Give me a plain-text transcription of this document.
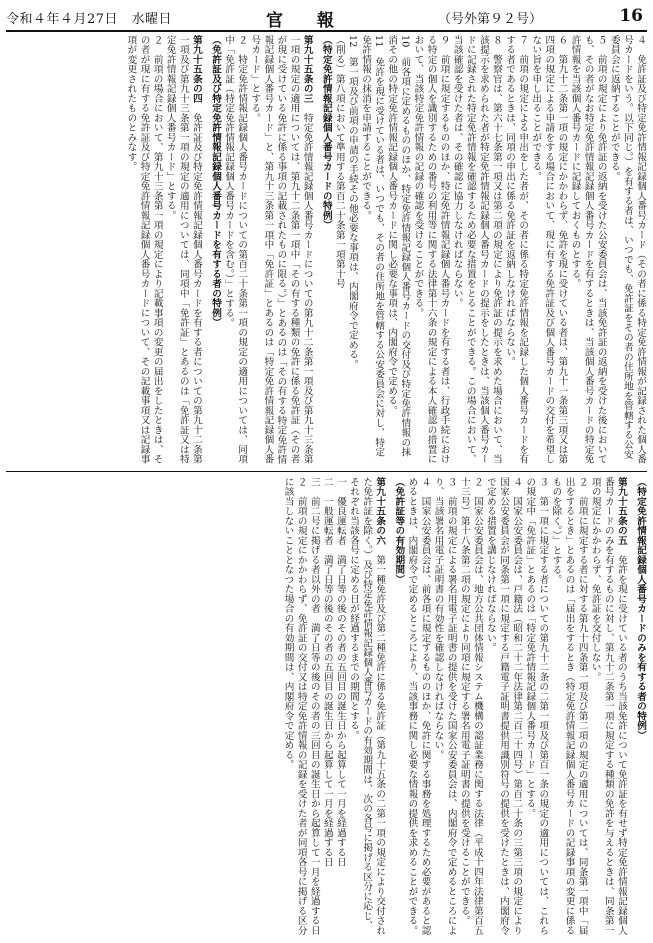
令和４年４月27日　水曜日	官 報	（号外第９２号）	16

４　免許証及び特定免許情報記録個人番号カード（その者に係る特定免許情報が記録された個人番号カードをいう。以下同じ。）を有する者は、いつでも、免許証をその者の住所地を管轄する公安委員会に返納することができる。

５　前項の規定により免許証の返納を受けた公安委員会は、当該免許証の返納を受けた後においても、その者がなお特定免許情報記録個人番号カードを有するときは、当該個人番号カードの特定免許情報を当該個人番号カードに記録しておくものとする。

６　第九十二条第一項の規定にかかわらず、免許を現に受けている者は、第九十一条第三項又は第四項の規定による申請をする場合において、現に有する免許証及び個人番号カードの交付を希望しない旨を申し出ることができる。

７　前項の規定による申出をした者が、その者に係る特定免許情報を記録した個人番号カードを有する者であるときは、同項の申出に係る免許証を返納しなければならない。

８　警察官は、第六十七条第一項又は第二項の規定により免許証の提示を求めた場合において、当該提示を求められた者が特定免許情報記録個人番号カードの提示をしたときは、当該個人番号カードに記録された特定免許情報を確認するため必要な措置をとることができる。この場合において、当該確認を受けた者は、その確認に協力しなければならない。

９　前項に規定するもののほか、特定免許情報記録個人番号カードを有する者は、行政手続における特定の個人を識別するための番号の利用等に関する法律第十六条の規定による本人確認の措置において、当該特定免許情報の記録の確認を受けることができる。

10　前各項に定めるもののほか、特定免許情報記録個人番号カードの交付及び特定免許情報の抹消その他の特定免許情報記録個人番号カードに関し必要な事項は、内閣府令で定める。

11　免許を現に受けている者は、いつでも、その者の住所地を管轄する公安委員会に対し、特定免許情報の抹消を申請することができる。

12　第一項及び前項の申請の手続その他必要な事項は、内閣府令で定める。

（削る）第八項において準用する第百二十条第一項第十号

（特定免許情報記録個人番号カードの特例）

第九十五条の三　特定免許情報記録個人番号カードについての第九十二条第一項及び第九十三条第一項の規定の適用については、第九十二条第一項中「その有する種類の免許に係る免許証（その者が現に受けている免許に係る事項の記載されたものに限る。）」とあるのは「その有する特定免許情報記録個人番号カード」と、第九十三条第一項中「免許証」とあるのは「特定免許情報記録個人番号カード」とする。

２　特定免許情報記録個人番号カードについての第百二十条第一項の規定の適用については、同項中「免許証（特定免許情報記録個人番号カードを含む。）」とする。

（免許証及び特定免許情報記録個人番号カードを有する者の特例）

第九十五条の四　免許証及び特定免許情報記録個人番号カードを有する者についての第九十二条第一項及び第九十三条第一項の規定の適用については、同項中「免許証」とあるのは「免許証又は特定免許情報記録個人番号カード」とする。

２　前項の場合において、第九十三条第一項の規定により記載事項の変更の届出をしたときは、その者が現に有する免許証及び特定免許情報記録個人番号カードについて、その記載事項又は記録事項が変更されたものとみなす。

（特定免許情報記録個人番号カードのみを有する者の特例）

第九十五条の五　免許を現に受けている者のうち当該免許について免許証を有せず特定免許情報記録個人番号カードのみを有するものに対し、第九十二条第一項に規定する種類の免許を与えるときは、同条第一項の規定にかかわらず、免許証を交付しない。

２　前項に規定する者に対する第九十四条第一項及び第二項の規定の適用については、同条第一項中「届出をするとき」とあるのは「届出をするとき（特定免許情報記録個人番号カードの記録事項の変更に係るものを除く。）」とする。

３　第一項に規定する者についての第九十二条の二第一項及び第百一条の規定の適用については、これらの規定中「免許証」とあるのは「特定免許情報記録個人番号カード」とする。

４　国家公安委員会は、戸籍法（昭和二十二年法律第二百二十四号）第百二十条の三第三項の規定により国家公安委員会が同条第一項に規定する戸籍電子証明書提供用識別符号の提供を受けたときは、内閣府令で定める措置を講じなければならない。

２　国家公安委員会は、地方公共団体情報システム機構の認証業務に関する法律（平成十四年法律第百五十三号）第十八条第二項の規定により同項に規定する署名用電子証明書の提供を受けることができる。

３　前項の規定による署名用電子証明書の提供を受けた国家公安委員会は、内閣府令で定めるところにより、当該署名用電子証明書の有効性を確認しなければならない。

４　国家公安委員会は、前各項に規定するもののほか、免許に関する事務を処理するため必要があると認めるときは、内閣府令で定めるところにより、当該事務に関し必要な情報の提供を求めることができる。

（免許証等の有効期間）

第九十五条の六　第一種免許及び第二種免許に係る免許証（第九十五条の二第一項の規定により交付された免許証を除く。）及び特定免許情報記録個人番号カードの有効期間は、次の各号に掲げる区分に応じ、それぞれ当該各号に定める日が経過するまでの期間とする。

一　優良運転者　満了日等の後のその者の五回目の誕生日から起算して一月を経過する日

二　一般運転者　満了日等の後のその者の五回目の誕生日から起算して一月を経過する日

三　前二号に掲げる者以外の者　満了日等の後のその者の三回目の誕生日から起算して一月を経過する日

２　前項の規定にかかわらず、免許証の交付又は特定免許情報の記録を受けた者が同項各号に掲げる区分に該当しないこととなつた場合の有効期間は、内閣府令で定める。
